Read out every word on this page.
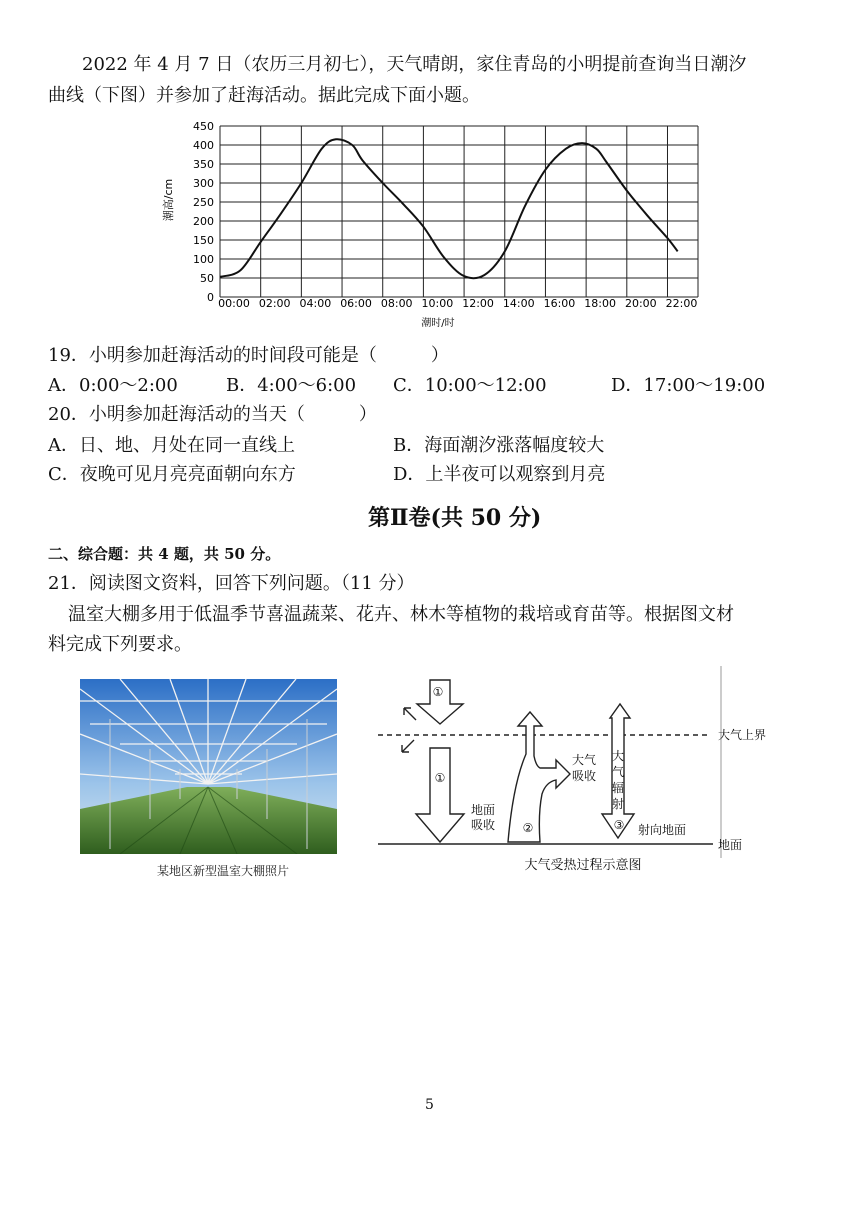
2022 年 4 月 7 日（农历三月初七），天气晴朗，家住青岛的小明提前查询当日潮汐
曲线（下图）并参加了赶海活动。据此完成下面小题。
0
50
100
150
200
250
300
350
400
450
00:00 02:00 04:00 06:00 08:00 10:00 12:00 14:00 16:00 18:00 20:00 22:00
潮高/cm
潮时/时
19．小明参加赶海活动的时间段可能是（　　　）
A．0:00～2:00	B．4:00～6:00 C．10:00～12:00	D．17:00～19:00
20．小明参加赶海活动的当天（　　　）
A．日、地、月处在同一直线上	B．海面潮汐涨落幅度较大
C．夜晚可见月亮亮面朝向东方	D．上半夜可以观察到月亮
第Ⅱ卷(共 50 分)
二、综合题：共 4 题，共 50 分。
21．阅读图文资料，回答下列问题。（11 分）
温室大棚多用于低温季节喜温蔬菜、花卉、林木等植物的栽培或育苗等。根据图文材
料完成下列要求。
某地区新型温室大棚照片
①
①
②	③
地面
吸收
大气
吸收
大
气
辐
射
射向地面
大气上界
地面
大气受热过程示意图
5
